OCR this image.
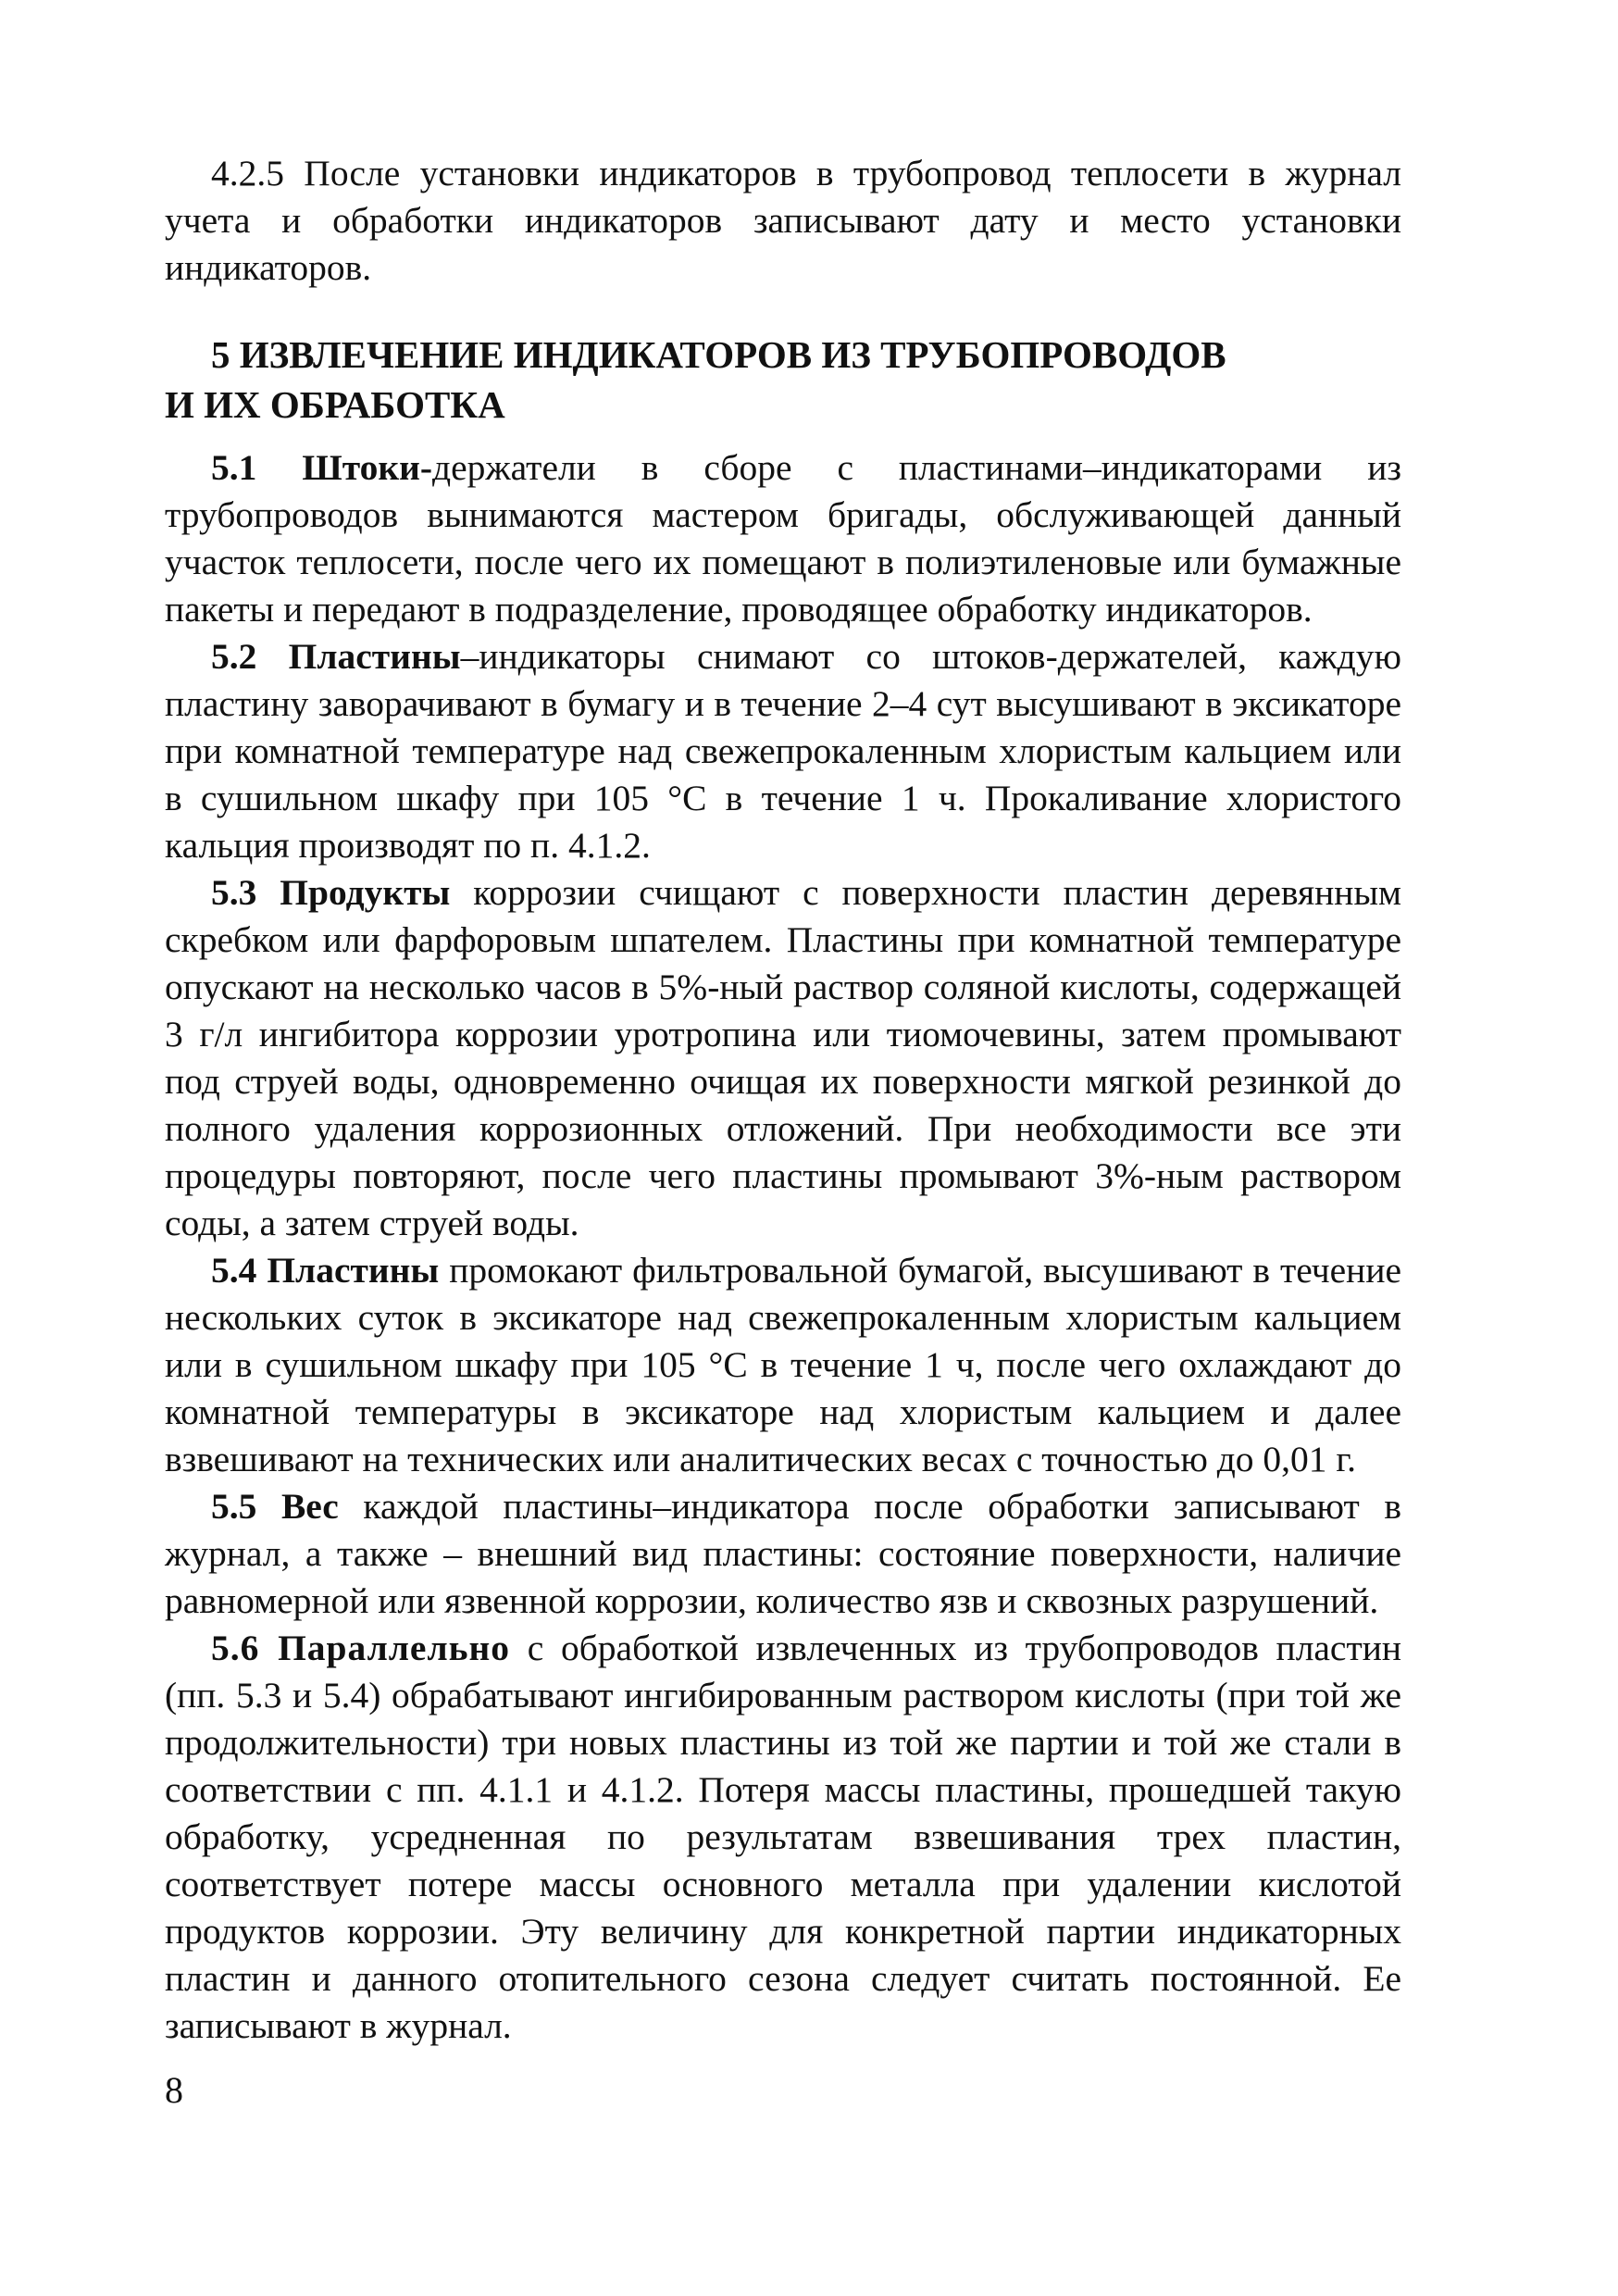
4.2.5 После установки индикаторов в трубопровод теплосети в журнал учета и обработки индикаторов записывают дату и место установки индикаторов.

5 ИЗВЛЕЧЕНИЕ ИНДИКАТОРОВ ИЗ ТРУБОПРОВОДОВ
И ИХ ОБРАБОТКА

5.1 Штоки-держатели в сборе с пластинами–индикаторами из трубопроводов вынимаются мастером бригады, обслуживающей данный участок теплосети, после чего их помещают в полиэтиленовые или бумажные пакеты и передают в подразделение, проводящее обработку индикаторов.

5.2 Пластины–индикаторы снимают со штоков-держателей, каждую пластину заворачивают в бумагу и в течение 2–4 сут высушивают в эксикаторе при комнатной температуре над свежепрокаленным хлористым кальцием или в сушильном шкафу при 105 °С в течение 1 ч. Прокаливание хлористого кальция производят по п. 4.1.2.

5.3 Продукты коррозии счищают с поверхности пластин деревянным скребком или фарфоровым шпателем. Пластины при комнатной температуре опускают на несколько часов в 5%-ный раствор соляной кислоты, содержащей 3 г/л ингибитора коррозии уротропина или тиомочевины, затем промывают под струей воды, одновременно очищая их поверхности мягкой резинкой до полного удаления коррозионных отложений. При необходимости все эти процедуры повторяют, после чего пластины промывают 3%-ным раствором соды, а затем струей воды.

5.4 Пластины промокают фильтровальной бумагой, высушивают в течение нескольких суток в эксикаторе над свежепрокаленным хлористым кальцием или в сушильном шкафу при 105 °С в течение 1 ч, после чего охлаждают до комнатной температуры в эксикаторе над хлористым кальцием и далее взвешивают на технических или аналитических весах с точностью до 0,01 г.

5.5 Вес каждой пластины–индикатора после обработки записывают в журнал, а также – внешний вид пластины: состояние поверхности, наличие равномерной или язвенной коррозии, количество язв и сквозных разрушений.

5.6 Параллельно с обработкой извлеченных из трубопроводов пластин (пп. 5.3 и 5.4) обрабатывают ингибированным раствором кислоты (при той же продолжительности) три новых пластины из той же партии и той же стали в соответствии с пп. 4.1.1 и 4.1.2. Потеря массы пластины, прошедшей такую обработку, усредненная по результатам взвешивания трех пластин, соответствует потере массы основного металла при удалении кислотой продуктов коррозии. Эту величину для конкретной партии индикаторных пластин и данного отопительного сезона следует считать постоянной. Ее записывают в журнал.

8
